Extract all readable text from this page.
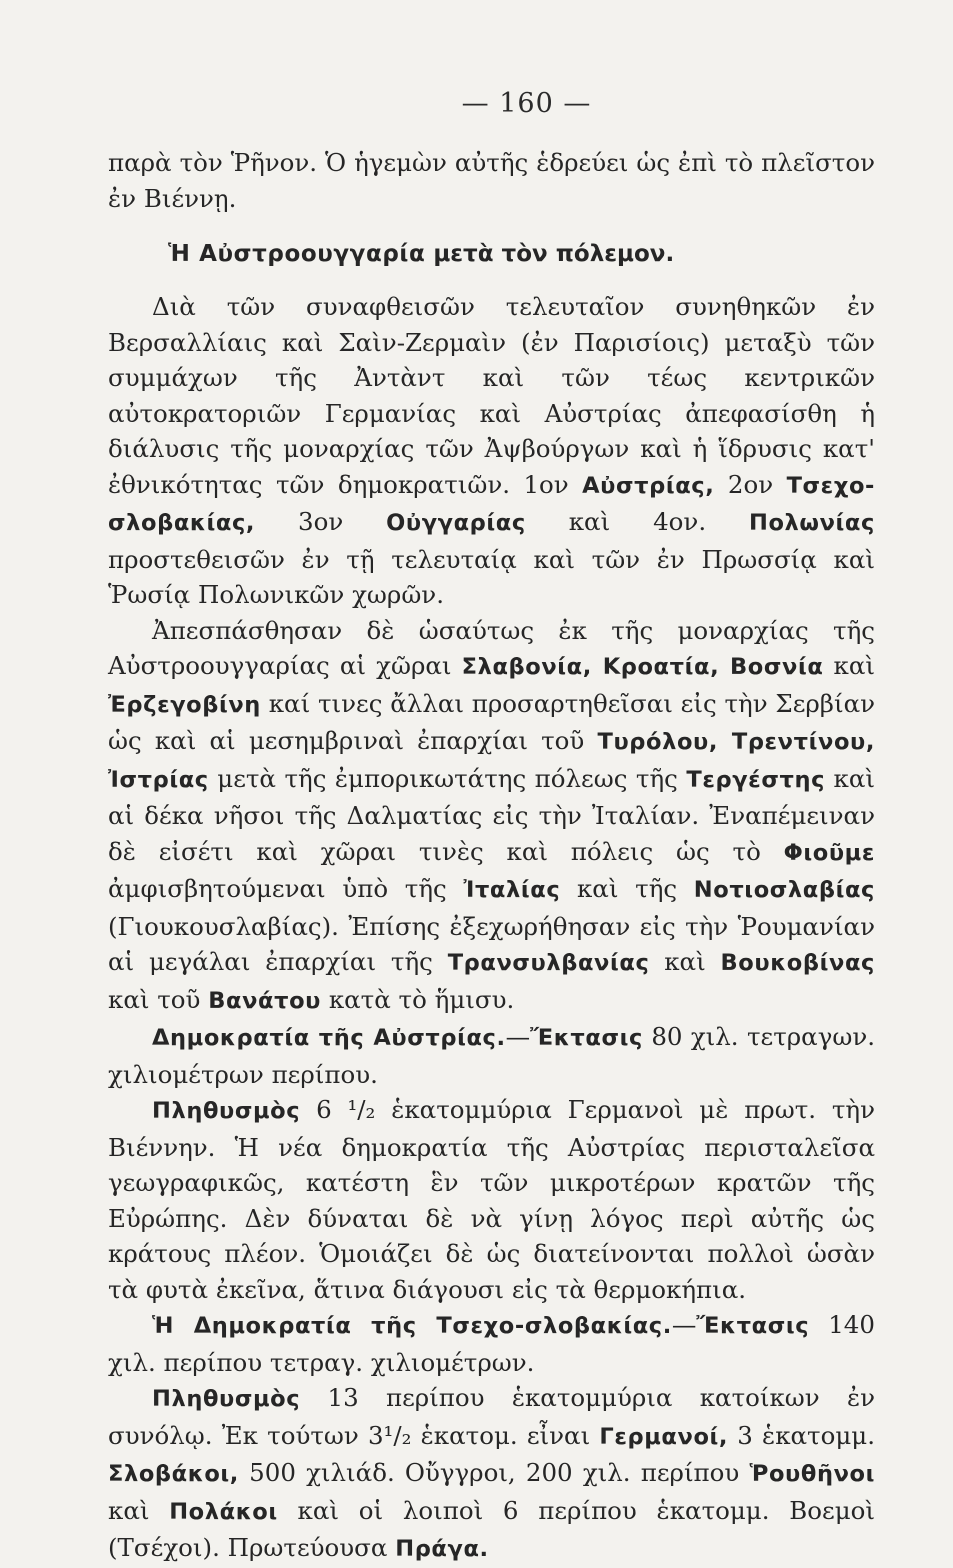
— 160 —

παρὰ τὸν Ῥῆνον. Ὁ ἡγεμὼν αὐτῆς ἑδρεύει ὡς ἐπὶ τὸ πλεῖστον ἐν Βιέννῃ.

Ἡ Αὐστροουγγαρία μετὰ τὸν πόλεμον.

Διὰ τῶν συναφθεισῶν τελευταῖον συνηθηκῶν ἐν Βερσαλλίαις καὶ Σαὶν-Ζερμαὶν (ἐν Παρισίοις) μεταξὺ τῶν συμμάχων τῆς Ἀντὰντ καὶ τῶν τέως κεντρικῶν αὐτοκρατοριῶν Γερμανίας καὶ Αὐστρίας ἀπεφασίσθη ἡ διάλυσις τῆς μοναρχίας τῶν Ἀψβούργων καὶ ἡ ἵδρυσις κατ' ἐθνικότητας τῶν δημοκρατιῶν. 1ον Αὐστρίας, 2ον Τσεχο-σλοβακίας, 3ον Οὐγγαρίας καὶ 4ον. Πολωνίας προστεθεισῶν ἐν τῇ τελευταίᾳ καὶ τῶν ἐν Πρωσσίᾳ καὶ Ῥωσίᾳ Πολωνικῶν χωρῶν.

Ἀπεσπάσθησαν δὲ ὡσαύτως ἐκ τῆς μοναρχίας τῆς Αὐστροουγγαρίας αἱ χῶραι Σλαβονία, Κροατία, Βοσνία καὶ Ἐρζεγοβίνη καί τινες ἄλλαι προσαρτηθεῖσαι εἰς τὴν Σερβίαν ὡς καὶ αἱ μεσημβριναὶ ἐπαρχίαι τοῦ Τυρόλου, Τρεντίνου, Ἰστρίας μετὰ τῆς ἐμπορικωτάτης πόλεως τῆς Τεργέστης καὶ αἱ δέκα νῆσοι τῆς Δαλματίας εἰς τὴν Ἰταλίαν. Ἐναπέμειναν δὲ εἰσέτι καὶ χῶραι τινὲς καὶ πόλεις ὡς τὸ Φιοῦμε ἀμφισβητούμεναι ὑπὸ τῆς Ἰταλίας καὶ τῆς Νοτιοσλαβίας (Γιουκουσλαβίας). Ἐπίσης ἐξεχωρήθησαν εἰς τὴν Ῥουμανίαν αἱ μεγάλαι ἐπαρχίαι τῆς Τρανσυλβανίας καὶ Βουκοβίνας καὶ τοῦ Βανάτου κατὰ τὸ ἥμισυ.

Δημοκρατία τῆς Αὐστρίας.—Ἔκτασις 80 χιλ. τετραγων. χιλιομέτρων περίπου.

Πληθυσμὸς 6 ¹/₂ ἑκατομμύρια Γερμανοὶ μὲ πρωτ. τὴν Βιέννην. Ἡ νέα δημοκρατία τῆς Αὐστρίας περισταλεῖσα γεωγραφικῶς, κατέστη ἓν τῶν μικροτέρων κρατῶν τῆς Εὐρώπης. Δὲν δύναται δὲ νὰ γίνῃ λόγος περὶ αὐτῆς ὡς κράτους πλέον. Ὁμοιάζει δὲ ὡς διατείνονται πολλοὶ ὡσὰν τὰ φυτὰ ἐκεῖνα, ἅτινα διάγουσι εἰς τὰ θερμοκήπια.

Ἡ Δημοκρατία τῆς Τσεχο-σλοβακίας.—Ἔκτασις 140 χιλ. περίπου τετραγ. χιλιομέτρων.

Πληθυσμὸς 13 περίπου ἑκατομμύρια κατοίκων ἐν συνόλῳ. Ἐκ τούτων 3¹/₂ ἑκατομ. εἶναι Γερμανοί, 3 ἑκατομμ. Σλοβάκοι, 500 χιλιάδ. Οὔγγροι, 200 χιλ. περίπου Ῥουθῆνοι καὶ Πολάκοι καὶ οἱ λοιποὶ 6 περίπου ἑκατομμ. Βοεμοὶ (Τσέχοι). Πρωτεύουσα Πράγα.
